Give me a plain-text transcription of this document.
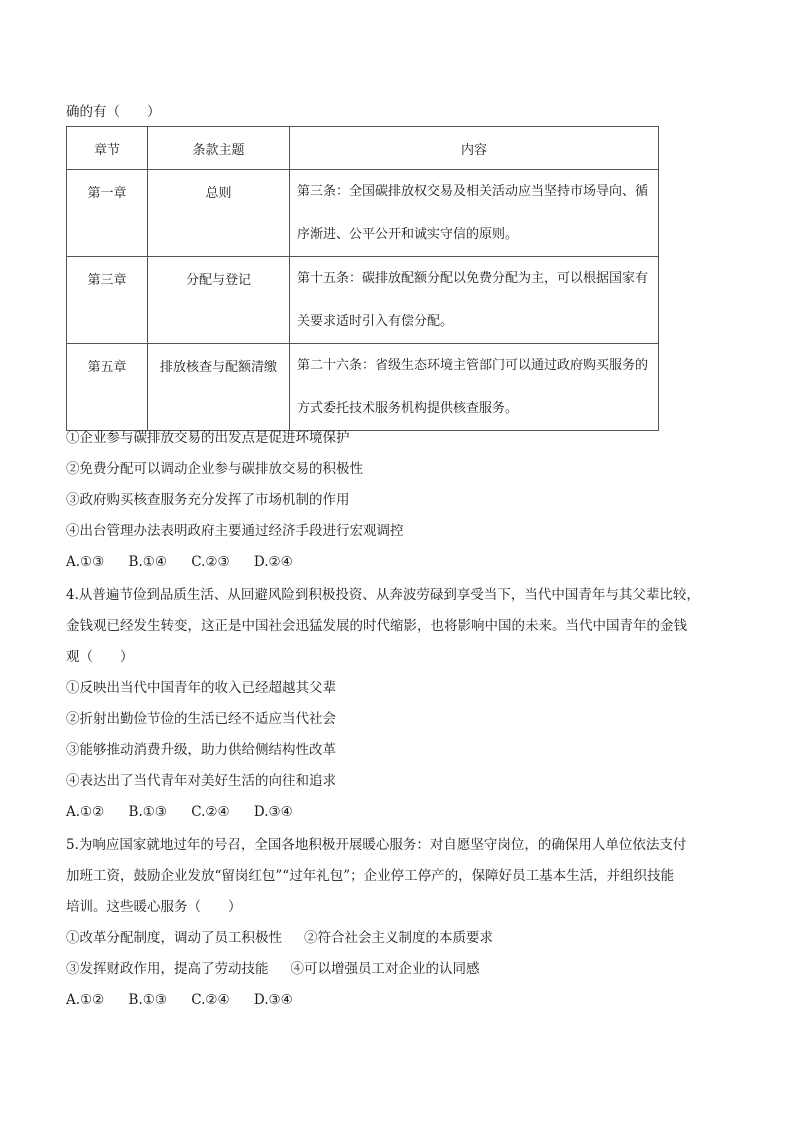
确的有（　　）
章节	条款主题	内容
第一章	总则	第三条：全国碳排放权交易及相关活动应当坚持市场导向、循序渐进、公平公开和诚实守信的原则。
第三章	分配与登记	第十五条：碳排放配额分配以免费分配为主，可以根据国家有关要求适时引入有偿分配。
第五章	排放核查与配额清缴	第二十六条：省级生态环境主管部门可以通过政府购买服务的方式委托技术服务机构提供核查服务。
①企业参与碳排放交易的出发点是促进环境保护
②免费分配可以调动企业参与碳排放交易的积极性
③政府购买核查服务充分发挥了市场机制的作用
④出台管理办法表明政府主要通过经济手段进行宏观调控
A.①③ B.①④ C.②③ D.②④
4.从普遍节俭到品质生活、从回避风险到积极投资、从奔波劳碌到享受当下，当代中国青年与其父辈比较，
金钱观已经发生转变，这正是中国社会迅猛发展的时代缩影，也将影响中国的未来。当代中国青年的金钱
观（　　）
①反映出当代中国青年的收入已经超越其父辈
②折射出勤俭节俭的生活已经不适应当代社会
③能够推动消费升级，助力供给侧结构性改革
④表达出了当代青年对美好生活的向往和追求
A.①② B.①③ C.②④ D.③④
5.为响应国家就地过年的号召，全国各地积极开展暖心服务：对自愿坚守岗位，的确保用人单位依法支付
加班工资，鼓励企业发放“留岗红包”“过年礼包”；企业停工停产的，保障好员工基本生活，并组织技能
培训。这些暖心服务（　　）
①改革分配制度，调动了员工积极性 ②符合社会主义制度的本质要求
③发挥财政作用，提高了劳动技能 ④可以增强员工对企业的认同感
A.①② B.①③ C.②④ D.③④
